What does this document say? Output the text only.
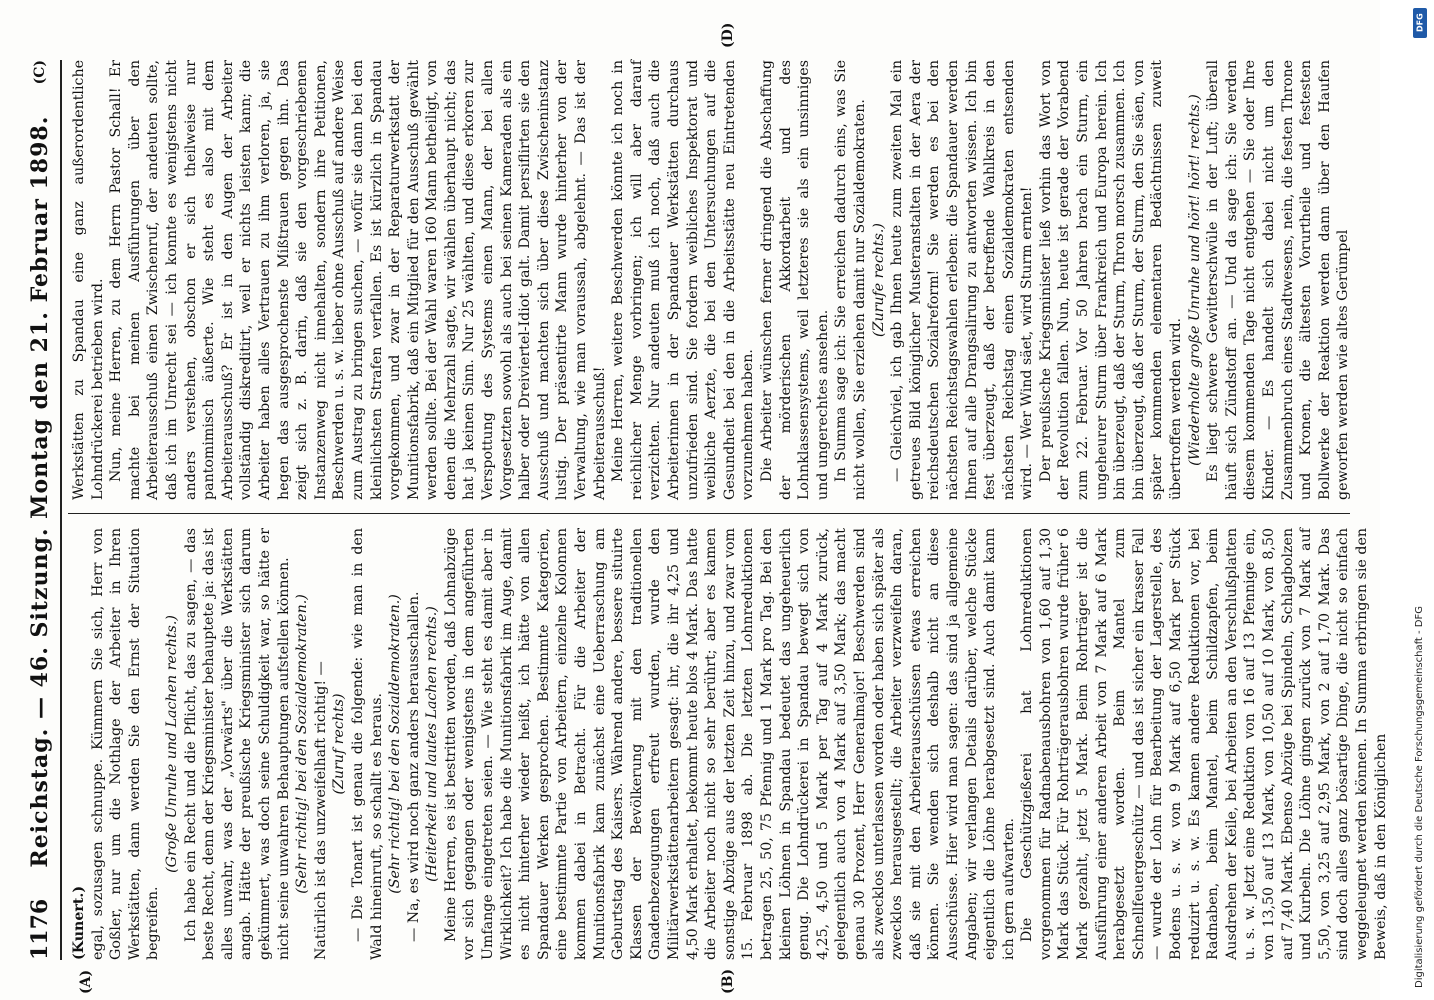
1176
Reichstag. — 46. Sitzung. Montag den 21. Februar 1898.
(C)
(A)	(B)
(D)

(Kunert.) egal, sozusagen schnuppe. Kümmern Sie sich, Herr von Goßler, nur um die Nothlage der Arbeiter in Ihren Werkstätten, dann werden Sie den Ernst der Situation begreifen.

(Große Unruhe und Lachen rechts.) Ich habe ein Recht und die Pflicht, das zu sagen, — das beste Recht, denn der Kriegsminister behauptete ja: das ist alles unwahr, was der „Vorwärts" über die Werkstätten angab. Hätte der preußische Kriegsminister sich darum gekümmert, was doch seine Schuldigkeit war, so hätte er nicht seine unwahren Behauptungen aufstellen können. (Sehr richtig! bei den Sozialdemokraten.) Natürlich ist das unzweifelhaft richtig! — (Zuruf rechts) — Die Tonart ist genau die folgende: wie man in den Wald hineinruft, so schallt es heraus. (Sehr richtig! bei den Sozialdemokraten.) — Na, es wird noch ganz anders herausschallen. (Heiterkeit und lautes Lachen rechts.) Meine Herren, es ist bestritten worden, daß Lohnabzüge vor sich gegangen oder wenigstens in dem angeführten Umfange eingetreten seien. — Wie steht es damit aber in Wirklichkeit? Ich habe die Munitionsfabrik im Auge, damit es nicht hinterher wieder heißt, ich hätte von allen Spandauer Werken gesprochen. Bestimmte Kategorien, eine bestimmte Partie von Arbeitern, einzelne Kolonnen kommen dabei in Betracht. Für die Arbeiter der Munitionsfabrik kam zunächst eine Ueberraschung am Geburtstag des Kaisers. Während andere, bessere situirte Klassen der Bevölkerung mit den traditionellen Gnadenbezeugungen erfreut wurden, wurde den Militärwerkstättenarbeitern gesagt: ihr, die ihr 4,25 und 4,50 Mark erhaltet, bekommt heute blos 4 Mark. Das hatte die Arbeiter noch nicht so sehr berührt; aber es kamen sonstige Abzüge aus der letzten Zeit hinzu, und zwar vom 15. Februar 1898 ab. Die letzten Lohnreduktionen betragen 25, 50, 75 Pfennig und 1 Mark pro Tag. Bei den kleinen Löhnen in Spandau bedeutet das ungeheuerlich genug. Die Lohndrückerei in Spandau bewegt sich von 4,25, 4,50 und 5 Mark per Tag auf 4 Mark zurück, gelegentlich auch von 4 Mark auf 3,50 Mark; das macht genau 30 Prozent, Herr Generalmajor! Beschwerden sind als zwecklos unterlassen worden oder haben sich später als zwecklos herausgestellt; die Arbeiter verzweifeln daran, daß sie mit den Arbeiterausschüssen etwas erreichen können. Sie wenden sich deshalb nicht an diese Ausschüsse. Hier wird man sagen: das sind ja allgemeine Angaben; wir verlangen Details darüber, welche Stücke eigentlich die Löhne herabgesetzt sind. Auch damit kann ich gern aufwarten. Die Geschützgießerei hat Lohnreduktionen vorgenommen für Radnabenausbohren von 1,60 auf 1,30 Mark das Stück. Für Rohrträgerausbohren wurde früher 6 Mark gezahlt, jetzt 5 Mark. Beim Rohrträger ist die Ausführung einer anderen Arbeit von 7 Mark auf 6 Mark herabgesetzt worden. Beim Mantel zum Schnellfeuergeschütz — und das ist sicher ein krasser Fall — wurde der Lohn für Bearbeitung der Lagerstelle, des Bodens u. s. w. von 9 Mark auf 6,50 Mark per Stück reduzirt u. s. w. Es kamen andere Reduktionen vor, bei Radnaben, beim Mantel, beim Schildzapfen, beim Ausdrehen der Keile, bei Arbeiten an den Verschlußplatten u. s. w. Jetzt eine Reduktion von 16 auf 13 Pfennige ein, von 13,50 auf 13 Mark, von 10,50 auf 10 Mark, von 8,50 auf 7,40 Mark. Ebenso Abzüge bei Spindeln, Schlagbolzen und Kurbeln. Die Löhne gingen zurück von 7 Mark auf 5,50, von 3,25 auf 2,95 Mark, von 2 auf 1,70 Mark. Das sind doch alles ganz bösartige Dinge, die nicht so einfach weggeleugnet werden können. In Summa erbringen sie den Beweis, daß in den Königlichen

Werkstätten zu Spandau eine ganz außerordentliche Lohndrückerei betrieben wird. Nun, meine Herren, zu dem Herrn Pastor Schall! Er machte bei meinen Ausführungen über den Arbeiterausschuß einen Zwischenruf, der andeuten sollte, daß ich im Unrecht sei — ich konnte es wenigstens nicht anders verstehen, obschon er sich theilweise nur pantomimisch äußerte. Wie steht es also mit dem Arbeiterausschuß? Er ist in den Augen der Arbeiter vollständig diskreditirt, weil er nichts leisten kann; die Arbeiter haben alles Vertrauen zu ihm verloren, ja, sie hegen das ausgesprochenste Mißtrauen gegen ihn. Das zeigt sich z. B. darin, daß sie den vorgeschriebenen Instanzenweg nicht innehalten, sondern ihre Petitionen, Beschwerden u. s. w. lieber ohne Ausschuß auf andere Weise zum Austrag zu bringen suchen, — wofür sie dann bei den kleinlichsten Strafen verfallen. Es ist kürzlich in Spandau vorgekommen, und zwar in der Reparaturwerkstatt der Munitionsfabrik, daß ein Mitglied für den Ausschuß gewählt werden sollte. Bei der Wahl waren 160 Mann betheiligt, von denen die Mehrzahl sagte, wir wählen überhaupt nicht; das hat ja keinen Sinn. Nur 25 wählten, und diese erkoren zur Verspottung des Systems einen Mann, der bei allen Vorgesetzten sowohl als auch bei seinen Kameraden als ein halber oder Dreiviertel-Idiot galt. Damit persiflirten sie den Ausschuß und machten sich über diese Zwischeninstanz lustig. Der präsentirte Mann wurde hinterher von der Verwaltung, wie man voraussah, abgelehnt. — Das ist der Arbeiterausschuß! Meine Herren, weitere Beschwerden könnte ich noch in reichlicher Menge vorbringen; ich will aber darauf verzichten. Nur andeuten muß ich noch, daß auch die Arbeiterinnen in der Spandauer Werkstätten durchaus unzufrieden sind. Sie fordern weibliches Inspektorat und weibliche Aerzte, die bei den Untersuchungen auf die Gesundheit bei den in die Arbeitsstätte neu Eintretenden vorzunehmen haben. Die Arbeiter wünschen ferner dringend die Abschaffung der mörderischen Akkordarbeit und des Lohnklassensystems, weil letzteres sie als ein unsinniges und ungerechtes ansehen. In Summa sage ich: Sie erreichen dadurch eins, was Sie nicht wollen, Sie erziehen damit nur Sozialdemokraten. (Zurufe rechts.) — Gleichviel, ich gab Ihnen heute zum zweiten Mal ein getreues Bild königlicher Musteranstalten in der Aera der reichsdeutschen Sozialreform! Sie werden es bei den nächsten Reichstagswahlen erleben: die Spandauer werden Ihnen auf alle Drangsalirung zu antworten wissen. Ich bin fest überzeugt, daß der betreffende Wahlkreis in den nächsten Reichstag einen Sozialdemokraten entsenden wird. — Wer Wind säet, wird Sturm ernten! Der preußische Kriegsminister ließ vorhin das Wort von der Revolution fallen. Nun, heute ist gerade der Vorabend zum 22. Februar. Vor 50 Jahren brach ein Sturm, ein ungeheurer Sturm über Frankreich und Europa herein. Ich bin überzeugt, daß der Sturm, Thron morsch zusammen. Ich bin überzeugt, daß der Sturm, der Sturm, den Sie säen, von später kommenden elementaren Bedächtnissen zuweit übertroffen werden wird. (Wiederholte große Unruhe und hört! hört! rechts.) Es liegt schwere Gewitterschwüle in der Luft; überall häuft sich Zündstoff an. — Und da sage ich: Sie werden diesem kommenden Tage nicht entgehen — Sie oder Ihre Kinder. — Es handelt sich dabei nicht um den Zusammenbruch eines Stadtwesens, nein, die festen Throne und Kronen, die ältesten Vorurtheile und festesten Bollwerke der Reaktion werden dann über den Haufen geworfen werden wie altes Gerümpel

Digitalisierung gefördert durch die Deutsche Forschungsgemeinschaft - DFG
DFG
